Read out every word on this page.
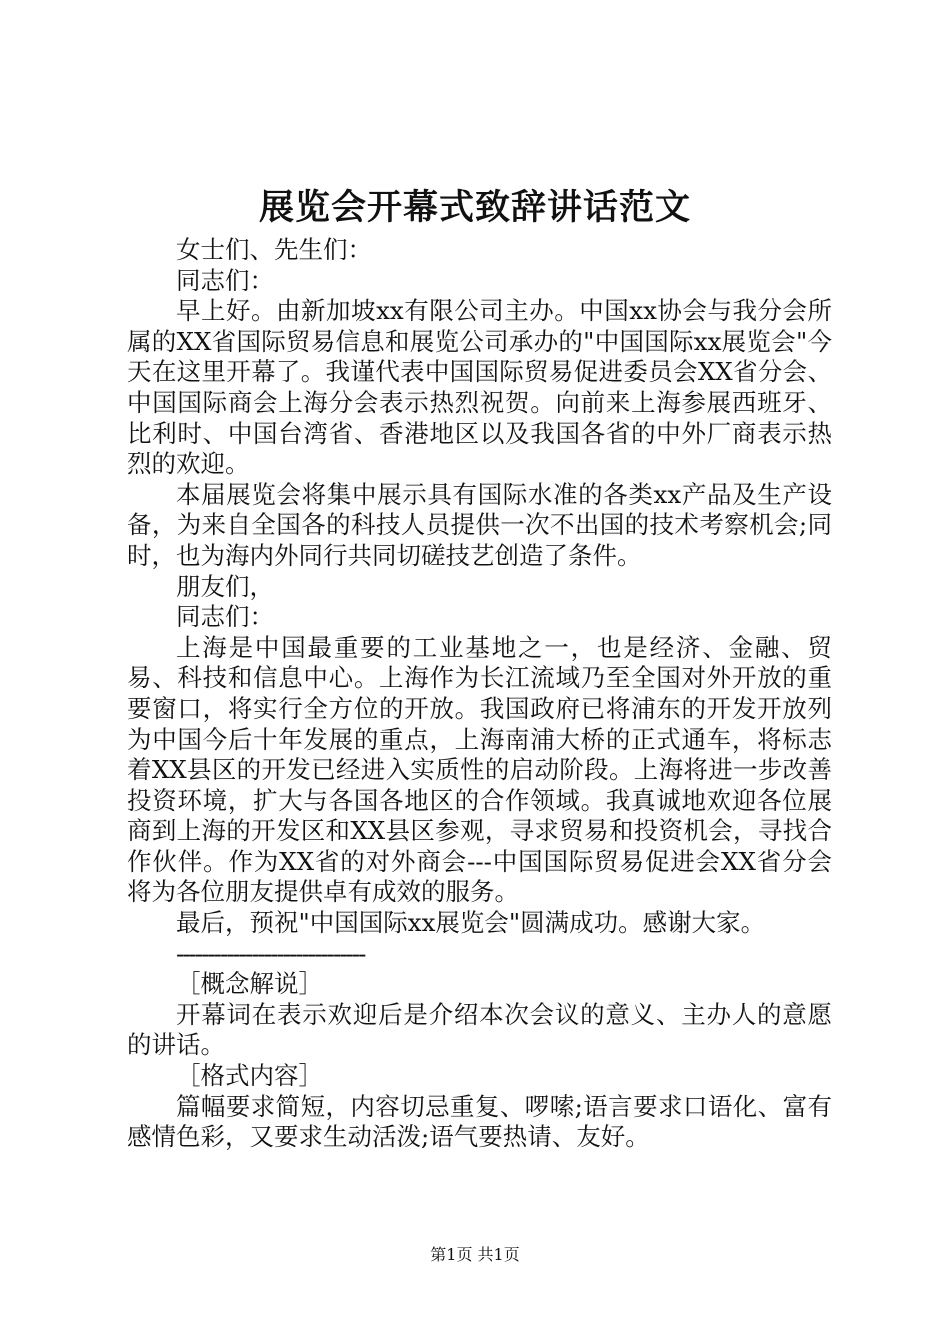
展览会开幕式致辞讲话范文

女士们、先生们：

同志们：

早上好。由新加坡xx有限公司主办。中国xx协会与我分会所属的XX省国际贸易信息和展览公司承办的"中国国际xx展览会"今天在这里开幕了。我谨代表中国国际贸易促进委员会XX省分会、中国国际商会上海分会表示热烈祝贺。向前来上海参展西班牙、比利时、中国台湾省、香港地区以及我国各省的中外厂商表示热烈的欢迎。

本届展览会将集中展示具有国际水准的各类xx产品及生产设备，为来自全国各的科技人员提供一次不出国的技术考察机会;同时，也为海内外同行共同切磋技艺创造了条件。

朋友们，

同志们：

上海是中国最重要的工业基地之一，也是经济、金融、贸易、科技和信息中心。上海作为长江流域乃至全国对外开放的重要窗口，将实行全方位的开放。我国政府已将浦东的开发开放列为中国今后十年发展的重点，上海南浦大桥的正式通车，将标志着XX县区的开发已经进入实质性的启动阶段。上海将进一步改善投资环境，扩大与各国各地区的合作领域。我真诚地欢迎各位展商到上海的开发区和XX县区参观，寻求贸易和投资机会，寻找合作伙伴。作为XX省的对外商会---中国国际贸易促进会XX省分会将为各位朋友提供卓有成效的服务。

最后，预祝"中国国际xx展览会"圆满成功。感谢大家。

------------------------------

［概念解说］

开幕词在表示欢迎后是介绍本次会议的意义、主办人的意愿的讲话。

［格式内容］

篇幅要求简短，内容切忌重复、啰嗦;语言要求口语化、富有感情色彩，又要求生动活泼;语气要热请、友好。

第1页 共1页
